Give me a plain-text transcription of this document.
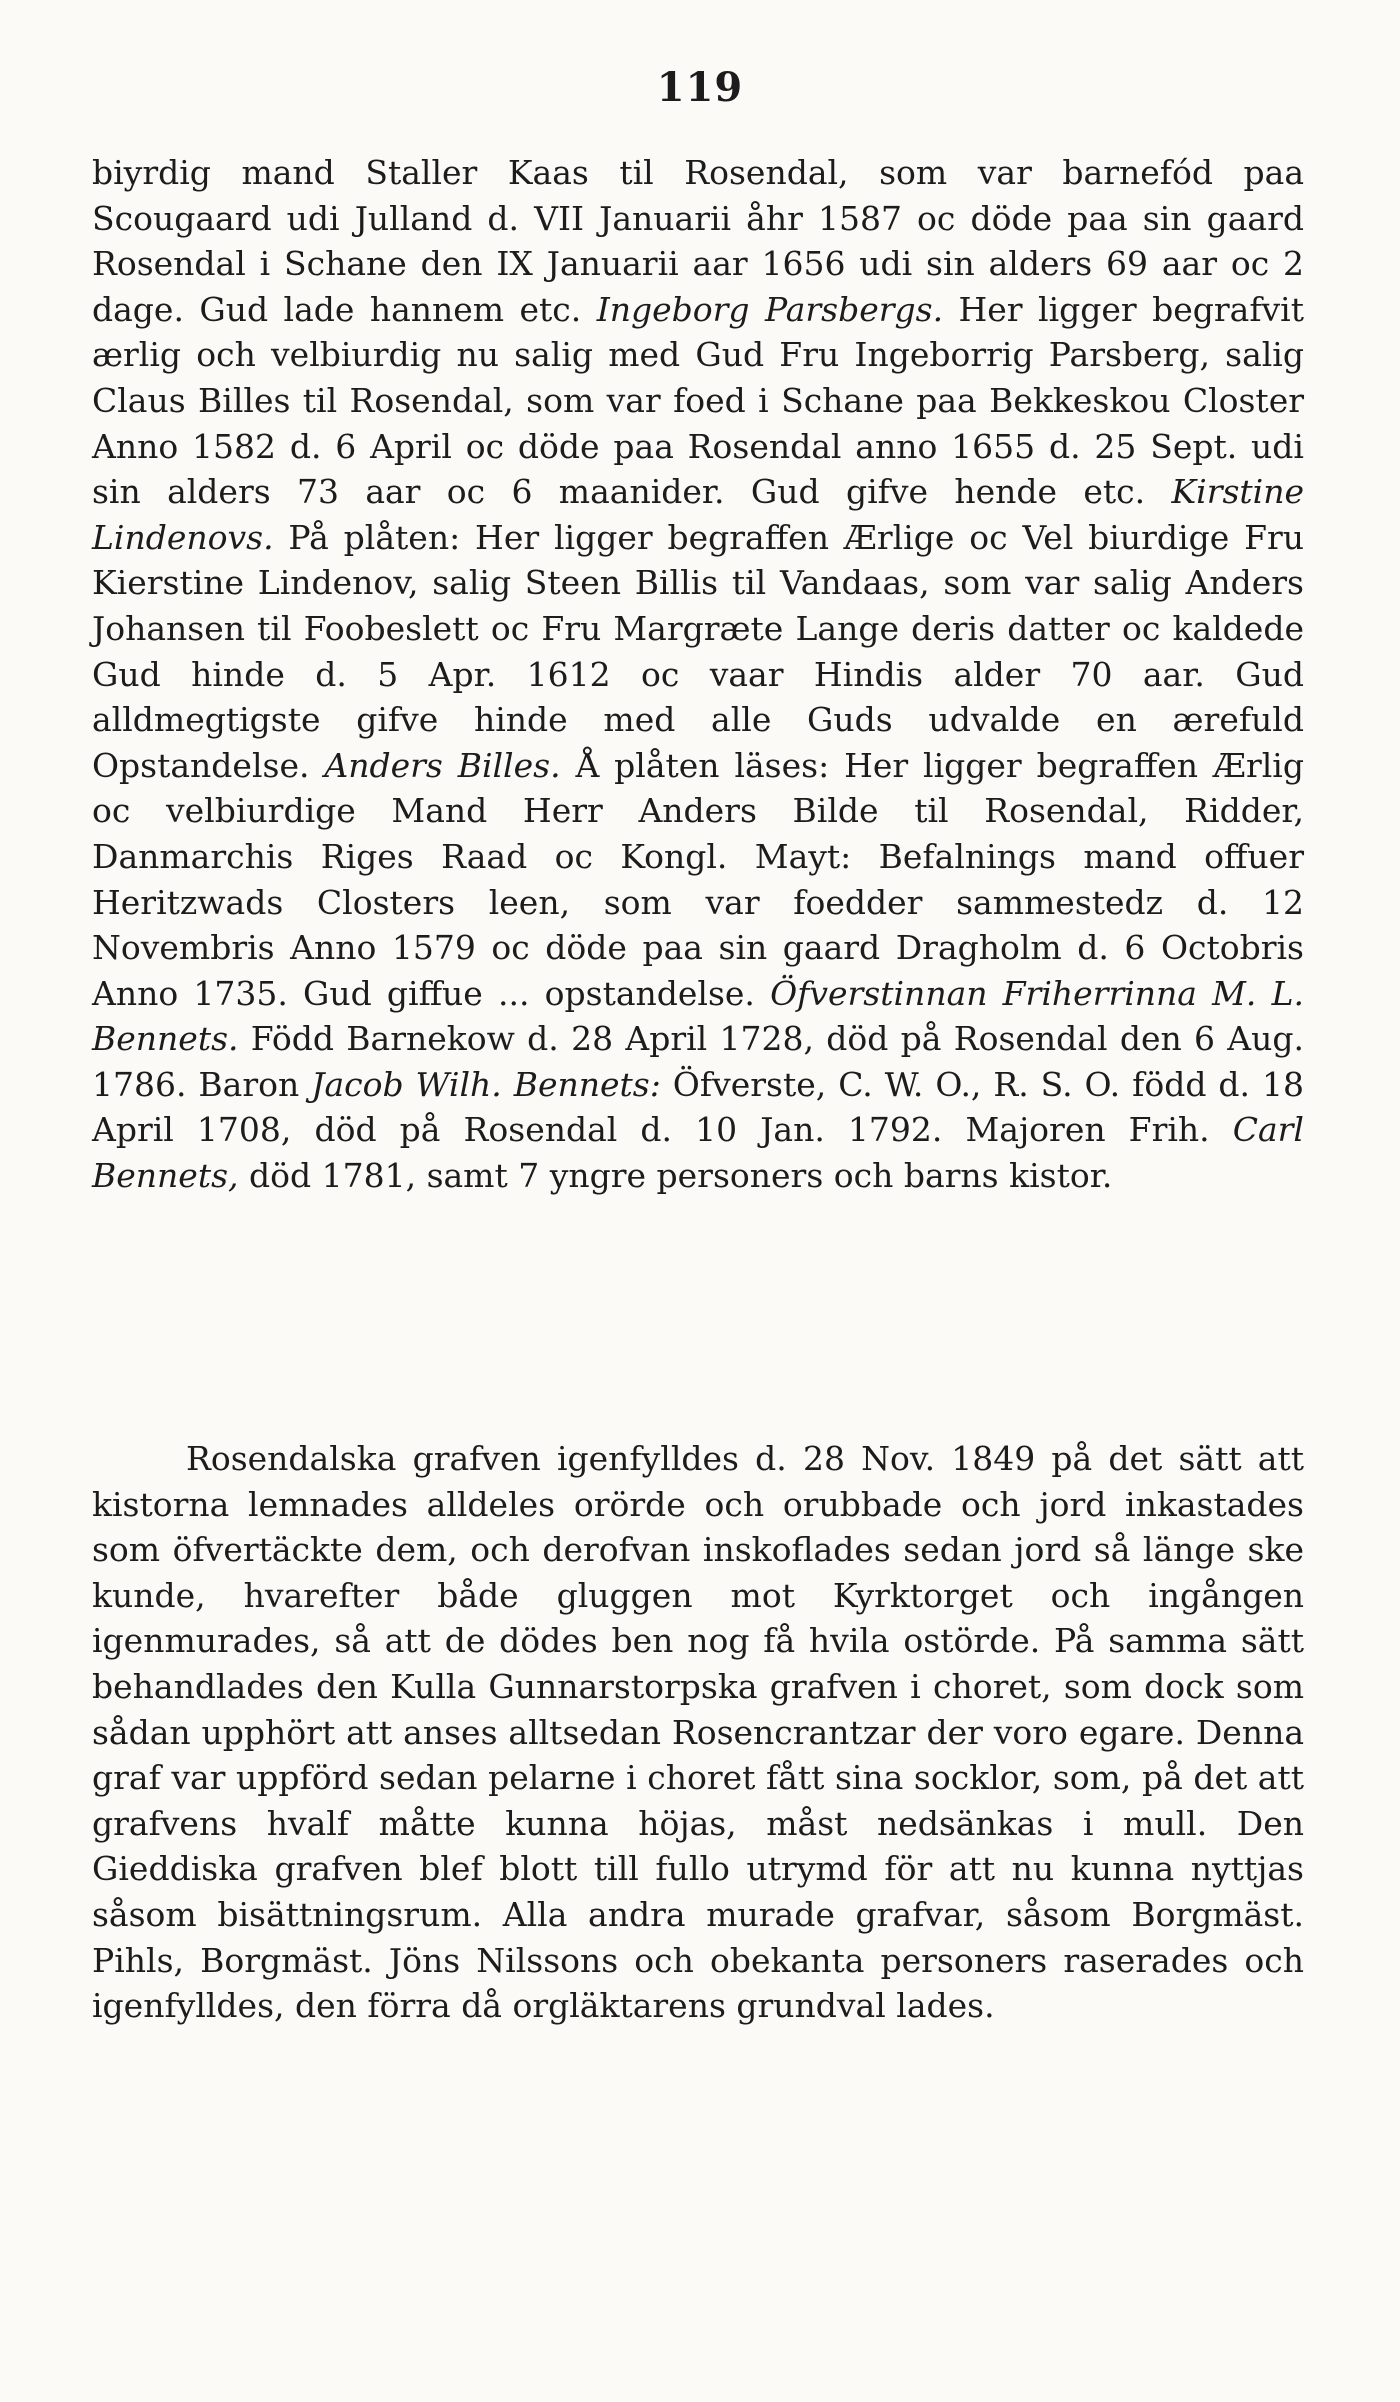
119

biyrdig mand Staller Kaas til Rosendal, som var barnefód paa Scougaard udi Julland d. VII Januarii åhr 1587 oc döde paa sin gaard Rosendal i Schane den IX Januarii aar 1656 udi sin alders 69 aar oc 2 dage. Gud lade hannem etc. Ingeborg Parsbergs. Her ligger begrafvit ærlig och velbiurdig nu salig med Gud Fru Ingeborrig Parsberg, salig Claus Billes til Rosendal, som var foed i Schane paa Bekkeskou Closter Anno 1582 d. 6 April oc döde paa Rosendal anno 1655 d. 25 Sept. udi sin alders 73 aar oc 6 maanider. Gud gifve hende etc. Kirstine Lindenovs. På plåten: Her ligger begraffen Ærlige oc Vel biurdige Fru Kierstine Lindenov, salig Steen Billis til Vandaas, som var salig Anders Johansen til Foobeslett oc Fru Margræte Lange deris datter oc kaldede Gud hinde d. 5 Apr. 1612 oc vaar Hindis alder 70 aar. Gud alldmegtigste gifve hinde med alle Guds udvalde en ærefuld Opstandelse. Anders Billes. Å plåten läses: Her ligger begraffen Ærlig oc velbiurdige Mand Herr Anders Bilde til Rosendal, Ridder, Danmarchis Riges Raad oc Kongl. Mayt: Befalnings mand offuer Heritzwads Closters leen, som var foedder sammestedz d. 12 Novembris Anno 1579 oc döde paa sin gaard Dragholm d. 6 Octobris Anno 1735. Gud giffue ... opstandelse. Öfverstinnan Friherrinna M. L. Bennets. Född Barnekow d. 28 April 1728, död på Rosendal den 6 Aug. 1786. Baron Jacob Wilh. Bennets: Öfverste, C. W. O., R. S. O. född d. 18 April 1708, död på Rosendal d. 10 Jan. 1792. Majoren Frih. Carl Bennets, död 1781, samt 7 yngre personers och barns kistor.

Rosendalska grafven igenfylldes d. 28 Nov. 1849 på det sätt att kistorna lemnades alldeles orörde och orubbade och jord inkastades som öfvertäckte dem, och derofvan inskoflades sedan jord så länge ske kunde, hvarefter både gluggen mot Kyrktorget och ingången igenmurades, så att de dödes ben nog få hvila ostörde. På samma sätt behandlades den Kulla Gunnarstorpska grafven i choret, som dock som sådan upphört att anses alltsedan Rosencrantzar der voro egare. Denna graf var uppförd sedan pelarne i choret fått sina socklor, som, på det att grafvens hvalf måtte kunna höjas, måst nedsänkas i mull. Den Gieddiska grafven blef blott till fullo utrymd för att nu kunna nyttjas såsom bisättningsrum. Alla andra murade grafvar, såsom Borgmäst. Pihls, Borgmäst. Jöns Nilssons och obekanta personers raserades och igenfylldes, den förra då orgläktarens grundval lades.
